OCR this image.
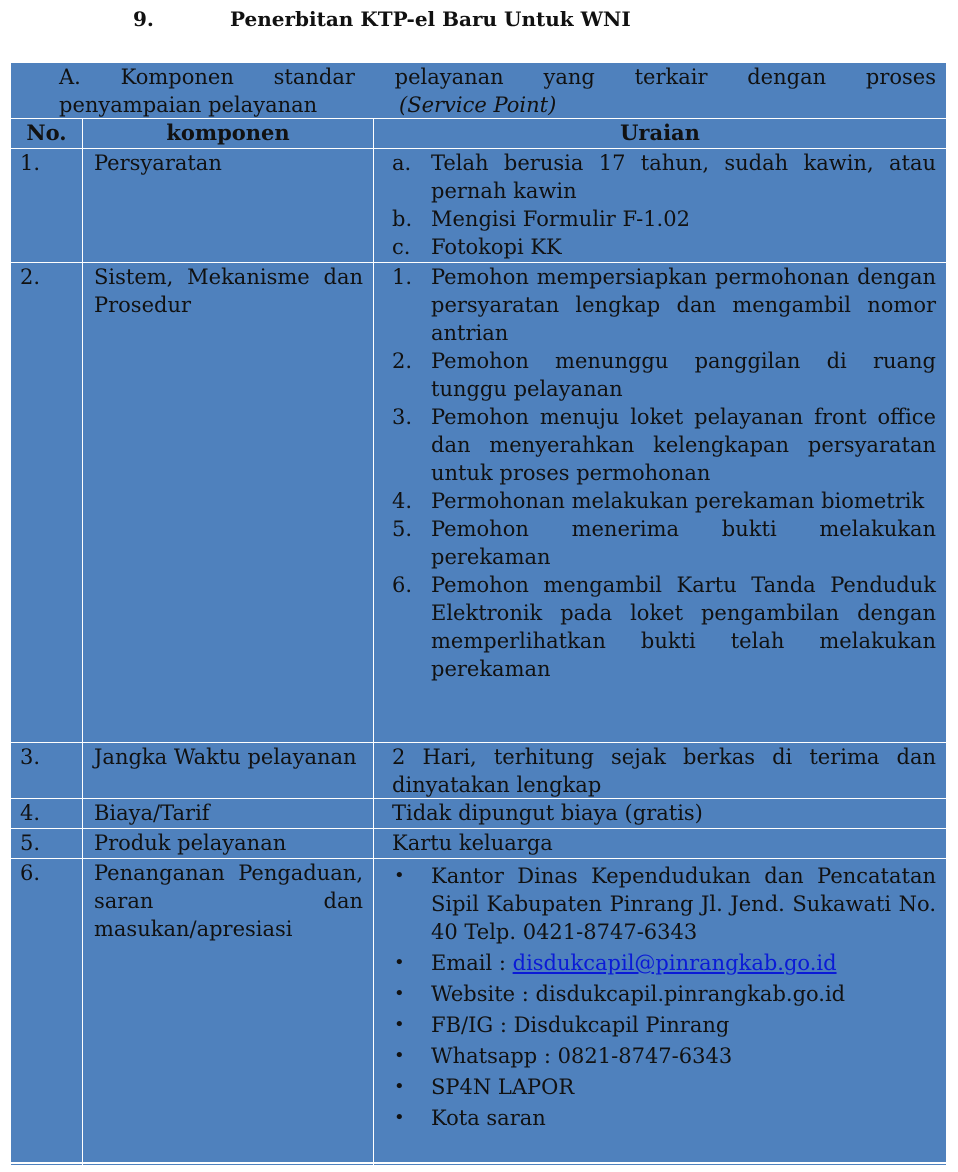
9.	Penerbitan KTP-el Baru Untuk WNI
A. Komponen standar pelayanan yang terkair dengan proses
penyampaian pelayanan	(Service Point)
No.	komponen	Uraian
1.	Persyaratan	a. Telah berusia 17 tahun, sudah kawin, atau pernah kawin
b. Mengisi Formulir F-1.02
c. Fotokopi KK
2.	Sistem, Mekanisme dan Prosedur
1. Pemohon mempersiapkan permohonan dengan persyaratan lengkap dan mengambil nomor antrian
2. Pemohon menunggu panggilan di ruang tunggu pelayanan
3. Pemohon menuju loket pelayanan front office dan menyerahkan kelengkapan persyaratan untuk proses permohonan
4. Permohonan melakukan perekaman biometrik
5. Pemohon menerima bukti melakukan perekaman
6. Pemohon mengambil Kartu Tanda Penduduk Elektronik pada loket pengambilan dengan memperlihatkan bukti telah melakukan perekaman
3.	Jangka Waktu pelayanan	2 Hari, terhitung sejak berkas di terima dan dinyatakan lengkap
4.	Biaya/Tarif	Tidak dipungut biaya (gratis)
5.	Produk pelayanan	Kartu keluarga
6.	Penanganan Pengaduan, saran dan masukan/apresiasi
• Kantor Dinas Kependudukan dan Pencatatan Sipil Kabupaten Pinrang Jl. Jend. Sukawati No. 40 Telp. 0421-8747-6343
• Email : disdukcapil@pinrangkab.go.id
• Website : disdukcapil.pinrangkab.go.id
• FB/IG : Disdukcapil Pinrang
• Whatsapp : 0821-8747-6343
• SP4N LAPOR
• Kota saran
